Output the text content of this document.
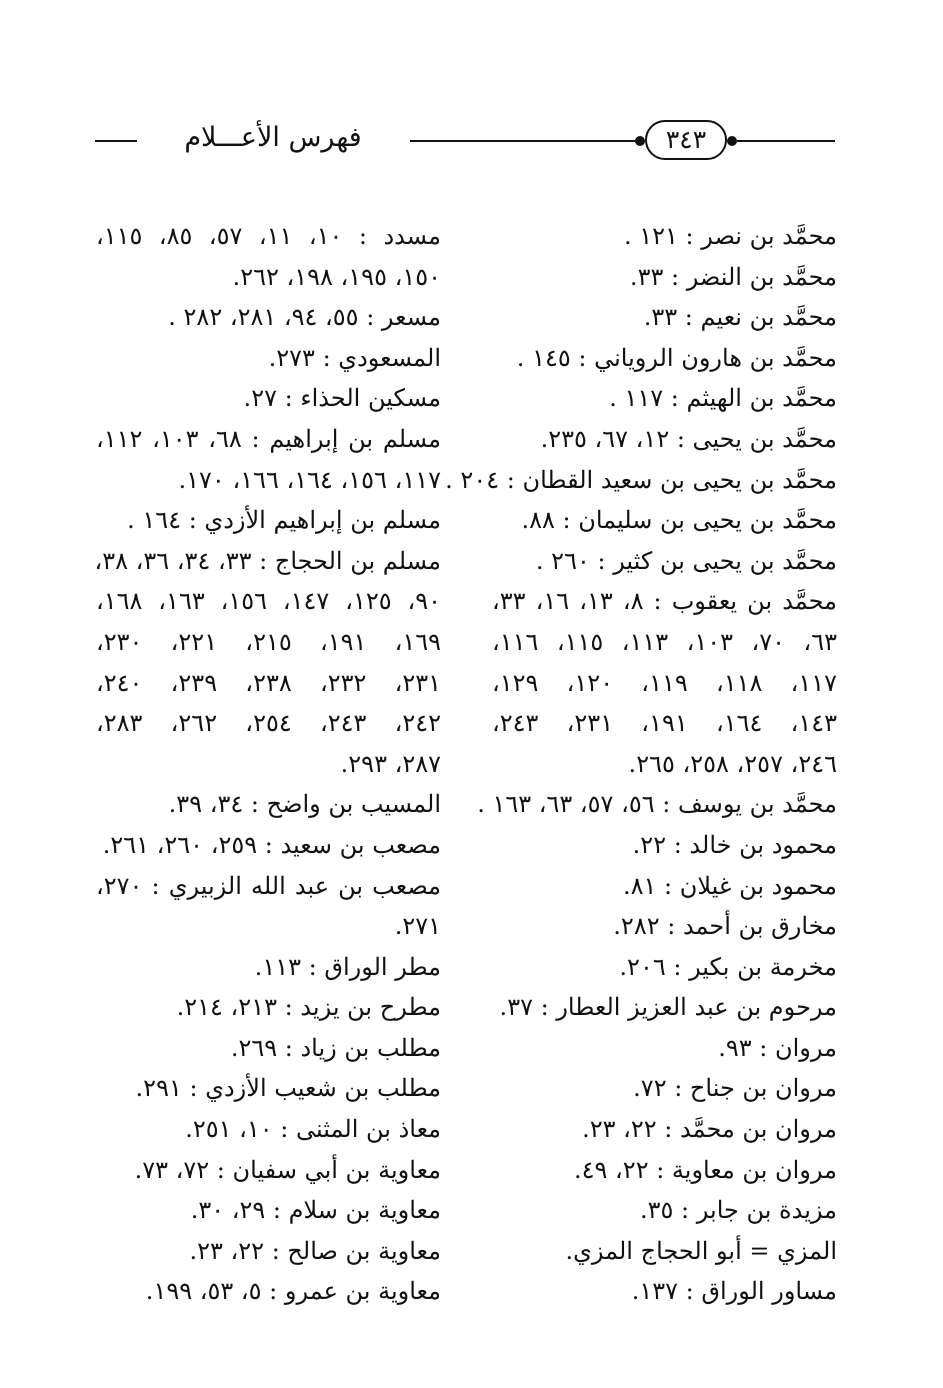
فهرس الأعـــلام	٣٤٣
محمَّد بن نصر : ١٢١ .
محمَّد بن النضر : ٣٣.
محمَّد بن نعيم : ٣٣.
محمَّد بن هارون الروياني : ١٤٥ .
محمَّد بن الهيثم : ١١٧ .
محمَّد بن يحيى : ١٢، ٦٧، ٢٣٥.
محمَّد بن يحيى بن سعيد القطان : ٢٠٤ .
محمَّد بن يحيى بن سليمان : ٨٨.
محمَّد بن يحيى بن كثير : ٢٦٠ .
محمَّد بن يعقوب : ٨، ١٣، ١٦، ٣٣،
٦٣، ٧٠، ١٠٣، ١١٣، ١١٥، ١١٦،
١١٧، ١١٨، ١١٩، ١٢٠، ١٢٩،
١٤٣، ١٦٤، ١٩١، ٢٣١، ٢٤٣،
٢٤٦، ٢٥٧، ٢٥٨، ٢٦٥.
محمَّد بن يوسف : ٥٦، ٥٧، ٦٣، ١٦٣ .
محمود بن خالد : ٢٢.
محمود بن غيلان : ٨١.
مخارق بن أحمد : ٢٨٢.
مخرمة بن بكير : ٢٠٦.
مرحوم بن عبد العزيز العطار : ٣٧.
مروان : ٩٣.
مروان بن جناح : ٧٢.
مروان بن محمَّد : ٢٢، ٢٣.
مروان بن معاوية : ٢٢، ٤٩.
مزيدة بن جابر : ٣٥.
المزي = أبو الحجاج المزي.
مساور الوراق : ١٣٧.
مسدد : ١٠، ١١، ٥٧، ٨٥، ١١٥،
١٥٠، ١٩٥، ١٩٨، ٢٦٢.
مسعر : ٥٥، ٩٤، ٢٨١، ٢٨٢ .
المسعودي : ٢٧٣.
مسكين الحذاء : ٢٧.
مسلم بن إبراهيم : ٦٨، ١٠٣، ١١٢،
١١٧، ١٥٦، ١٦٤، ١٦٦، ١٧٠.
مسلم بن إبراهيم الأزدي : ١٦٤ .
مسلم بن الحجاج : ٣٣، ٣٤، ٣٦، ٣٨،
٩٠، ١٢٥، ١٤٧، ١٥٦، ١٦٣، ١٦٨،
١٦٩، ١٩١، ٢١٥، ٢٢١، ٢٣٠،
٢٣١، ٢٣٢، ٢٣٨، ٢٣٩، ٢٤٠،
٢٤٢، ٢٤٣، ٢٥٤، ٢٦٢، ٢٨٣،
٢٨٧، ٢٩٣.
المسيب بن واضح : ٣٤، ٣٩.
مصعب بن سعيد : ٢٥٩، ٢٦٠، ٢٦١.
مصعب بن عبد الله الزبيري : ٢٧٠،
٢٧١.
مطر الوراق : ١١٣.
مطرح بن يزيد : ٢١٣، ٢١٤.
مطلب بن زياد : ٢٦٩.
مطلب بن شعيب الأزدي : ٢٩١.
معاذ بن المثنى : ١٠، ٢٥١.
معاوية بن أبي سفيان : ٧٢، ٧٣.
معاوية بن سلام : ٢٩، ٣٠.
معاوية بن صالح : ٢٢، ٢٣.
معاوية بن عمرو : ٥، ٥٣، ١٩٩.
